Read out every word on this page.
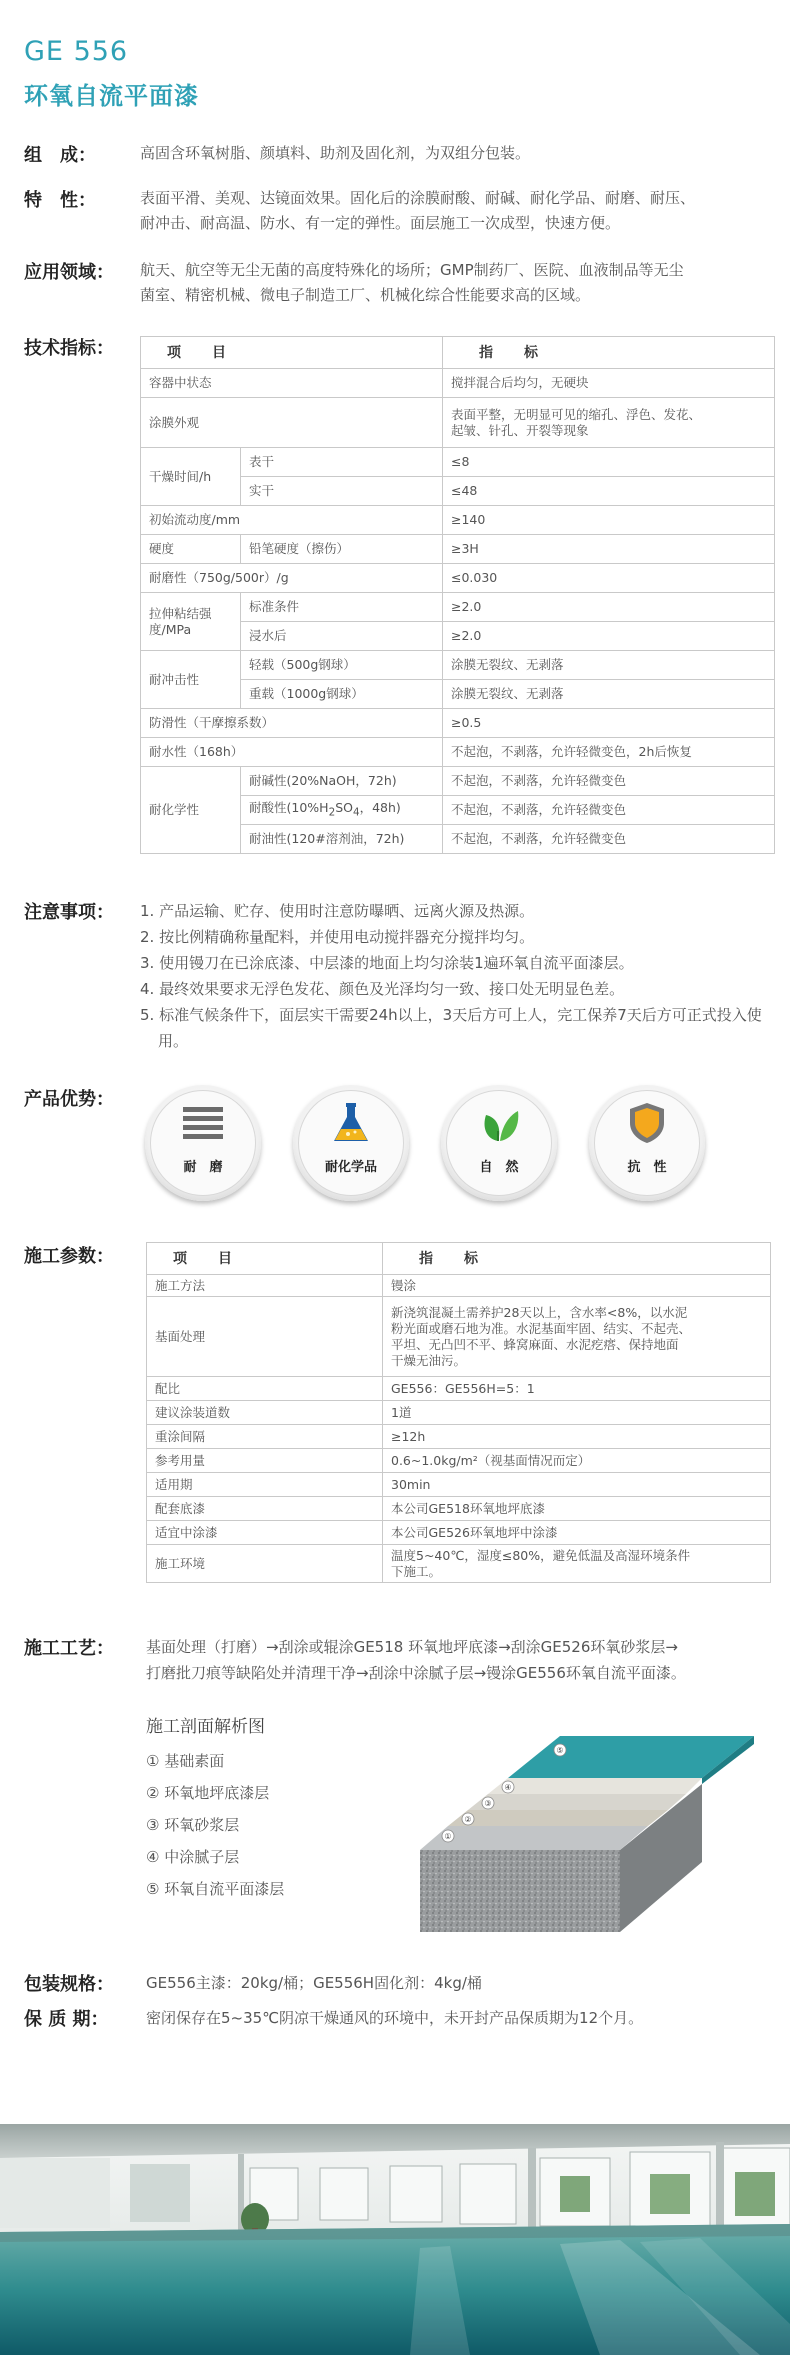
GE 556
环氧自流平面漆
组　成：	高固含环氧树脂、颜填料、助剂及固化剂，为双组分包装。
特　性：	表面平滑、美观、达镜面效果。固化后的涂膜耐酸、耐碱、耐化学品、耐磨、耐压、
耐冲击、耐高温、防水、有一定的弹性。面层施工一次成型，快速方便。
应用领域： 航天、航空等无尘无菌的高度特殊化的场所；GMP制药厂、医院、血液制品等无尘
菌室、精密机械、微电子制造工厂、机械化综合性能要求高的区域。
技术指标：	项　　目		指　　标
容器中状态		搅拌混合后均匀，无硬块
涂膜外观		表面平整，无明显可见的缩孔、浮色、发花、
起皱、针孔、开裂等现象

干燥时间/h	表干	≤8
	实干	≤48
初始流动度/mm		≥140
硬度	铅笔硬度（擦伤）	≥3H
耐磨性（750g/500r）/g		≤0.030

拉伸粘结强
度/MPa	标准条件	≥2.0
	浸水后	≥2.0
耐冲击性	轻载（500g钢球）	涂膜无裂纹、无剥落
	重载（1000g钢球）	涂膜无裂纹、无剥落
防滑性（干摩擦系数）		≥0.5
耐水性（168h）		不起泡，不剥落，允许轻微变色，2h后恢复
耐化学性	耐碱性(20%NaOH，72h)	不起泡，不剥落，允许轻微变色
	耐酸性($10\%H_2SO_4$，48h)	不起泡，不剥落，允许轻微变色
	耐油性(120#溶剂油，72h)	不起泡，不剥落，允许轻微变色
注意事项： 1. 产品运输、贮存、使用时注意防曝晒、远离火源及热源。
2. 按比例精确称量配料，并使用电动搅拌器充分搅拌均匀。
3. 使用镘刀在已涂底漆、中层漆的地面上均匀涂装1遍环氧自流平面漆层。
4. 最终效果要求无浮色发花、颜色及光泽均匀一致、接口处无明显色差。
5. 标准气候条件下，面层实干需要24h以上，3天后方可上人，完工保养7天后方可正式投入使用。
产品优势：
耐　磨	耐化学品	自　然	抗　性
施工参数：	项　　目	指　　标
施工方法	镘涂
基面处理	新浇筑混凝土需养护28天以上，含水率<8%，以水泥
粉光面或磨石地为准。水泥基面牢固、结实、不起壳、
平坦、无凸凹不平、蜂窝麻面、水泥疙瘩、保持地面
干燥无油污。

配比	GE556：GE556H=5：1
建议涂装道数	1道
重涂间隔	≥12h
参考用量	0.6~1.0kg/m²（视基面情况而定）
适用期	30min
配套底漆	本公司GE518环氧地坪底漆
适宜中涂漆	本公司GE526环氧地坪中涂漆
施工环境	温度5~40℃，湿度≤80%，避免低温及高湿环境条件
下施工。
施工工艺： 基面处理（打磨）→刮涂或辊涂GE518 环氧地坪底漆→刮涂GE526环氧砂浆层→
打磨批刀痕等缺陷处并清理干净→刮涂中涂腻子层→镘涂GE556环氧自流平面漆。
施工剖面解析图
① 基础素面
② 环氧地坪底漆层
③ 环氧砂浆层
④ 中涂腻子层
⑤ 环氧自流平面漆层
①
②
③
④
⑤
包装规格： GE556主漆：20kg/桶；GE556H固化剂：4kg/桶
保 质 期： 密闭保存在5~35℃阴凉干燥通风的环境中，未开封产品保质期为12个月。
